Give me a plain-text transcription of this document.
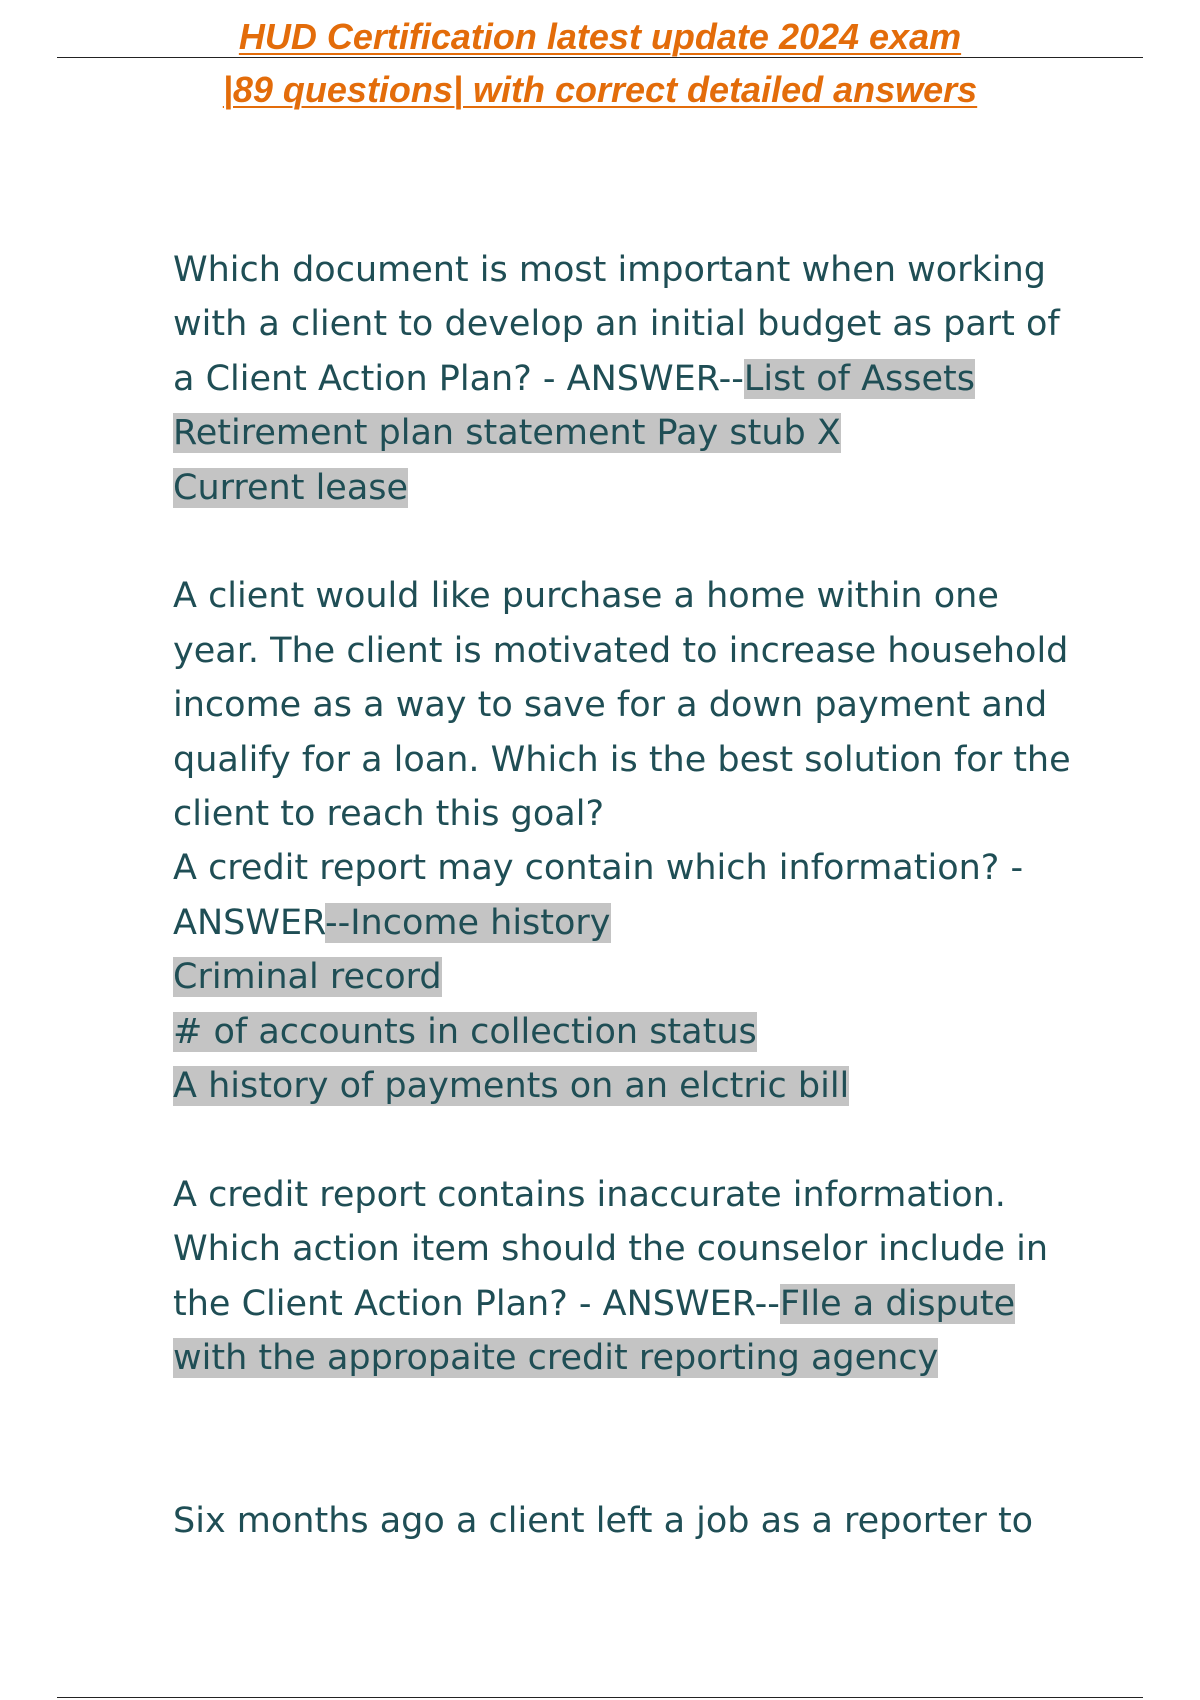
HUD Certification latest update 2024 exam
|89 questions| with correct detailed answers
Which document is most important when working
with a client to develop an initial budget as part of
a Client Action Plan? - ANSWER--List of Assets
Retirement plan statement Pay stub X
Current lease
A client would like purchase a home within one
year. The client is motivated to increase household
income as a way to save for a down payment and
qualify for a loan. Which is the best solution for the
client to reach this goal?
A credit report may contain which information? -
ANSWER--Income history
Criminal record
# of accounts in collection status
A history of payments on an elctric bill
A credit report contains inaccurate information.
Which action item should the counselor include in
the Client Action Plan? - ANSWER--FIle a dispute
with the appropaite credit reporting agency
Six months ago a client left a job as a reporter to
